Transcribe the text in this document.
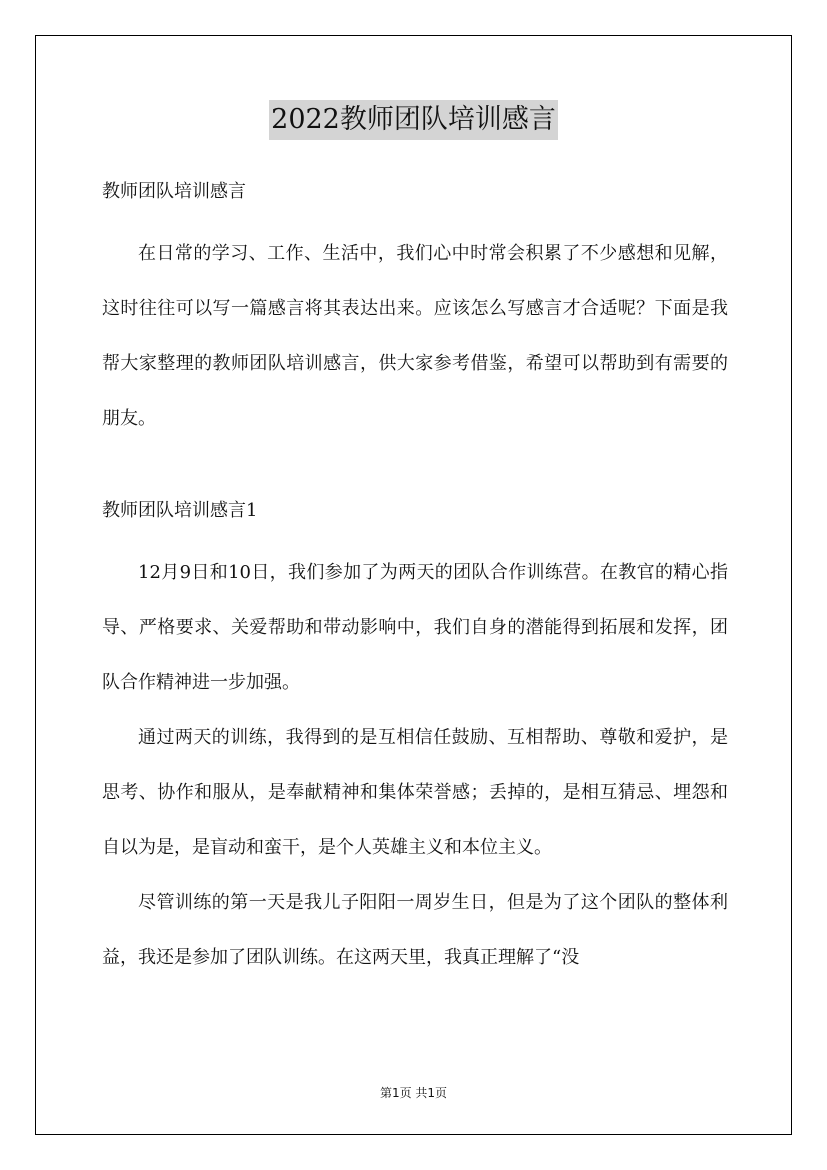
2022教师团队培训感言

教师团队培训感言

在日常的学习、工作、生活中，我们心中时常会积累了不少感想和见解，这时往往可以写一篇感言将其表达出来。应该怎么写感言才合适呢？下面是我帮大家整理的教师团队培训感言，供大家参考借鉴，希望可以帮助到有需要的朋友。

教师团队培训感言1

12月9日和10日，我们参加了为两天的团队合作训练营。在教官的精心指导、严格要求、关爱帮助和带动影响中，我们自身的潜能得到拓展和发挥，团队合作精神进一步加强。

通过两天的训练，我得到的是互相信任鼓励、互相帮助、尊敬和爱护，是思考、协作和服从，是奉献精神和集体荣誉感；丢掉的，是相互猜忌、埋怨和自以为是，是盲动和蛮干，是个人英雄主义和本位主义。

尽管训练的第一天是我儿子阳阳一周岁生日，但是为了这个团队的整体利益，我还是参加了团队训练。在这两天里，我真正理解了“没

第1页 共1页
